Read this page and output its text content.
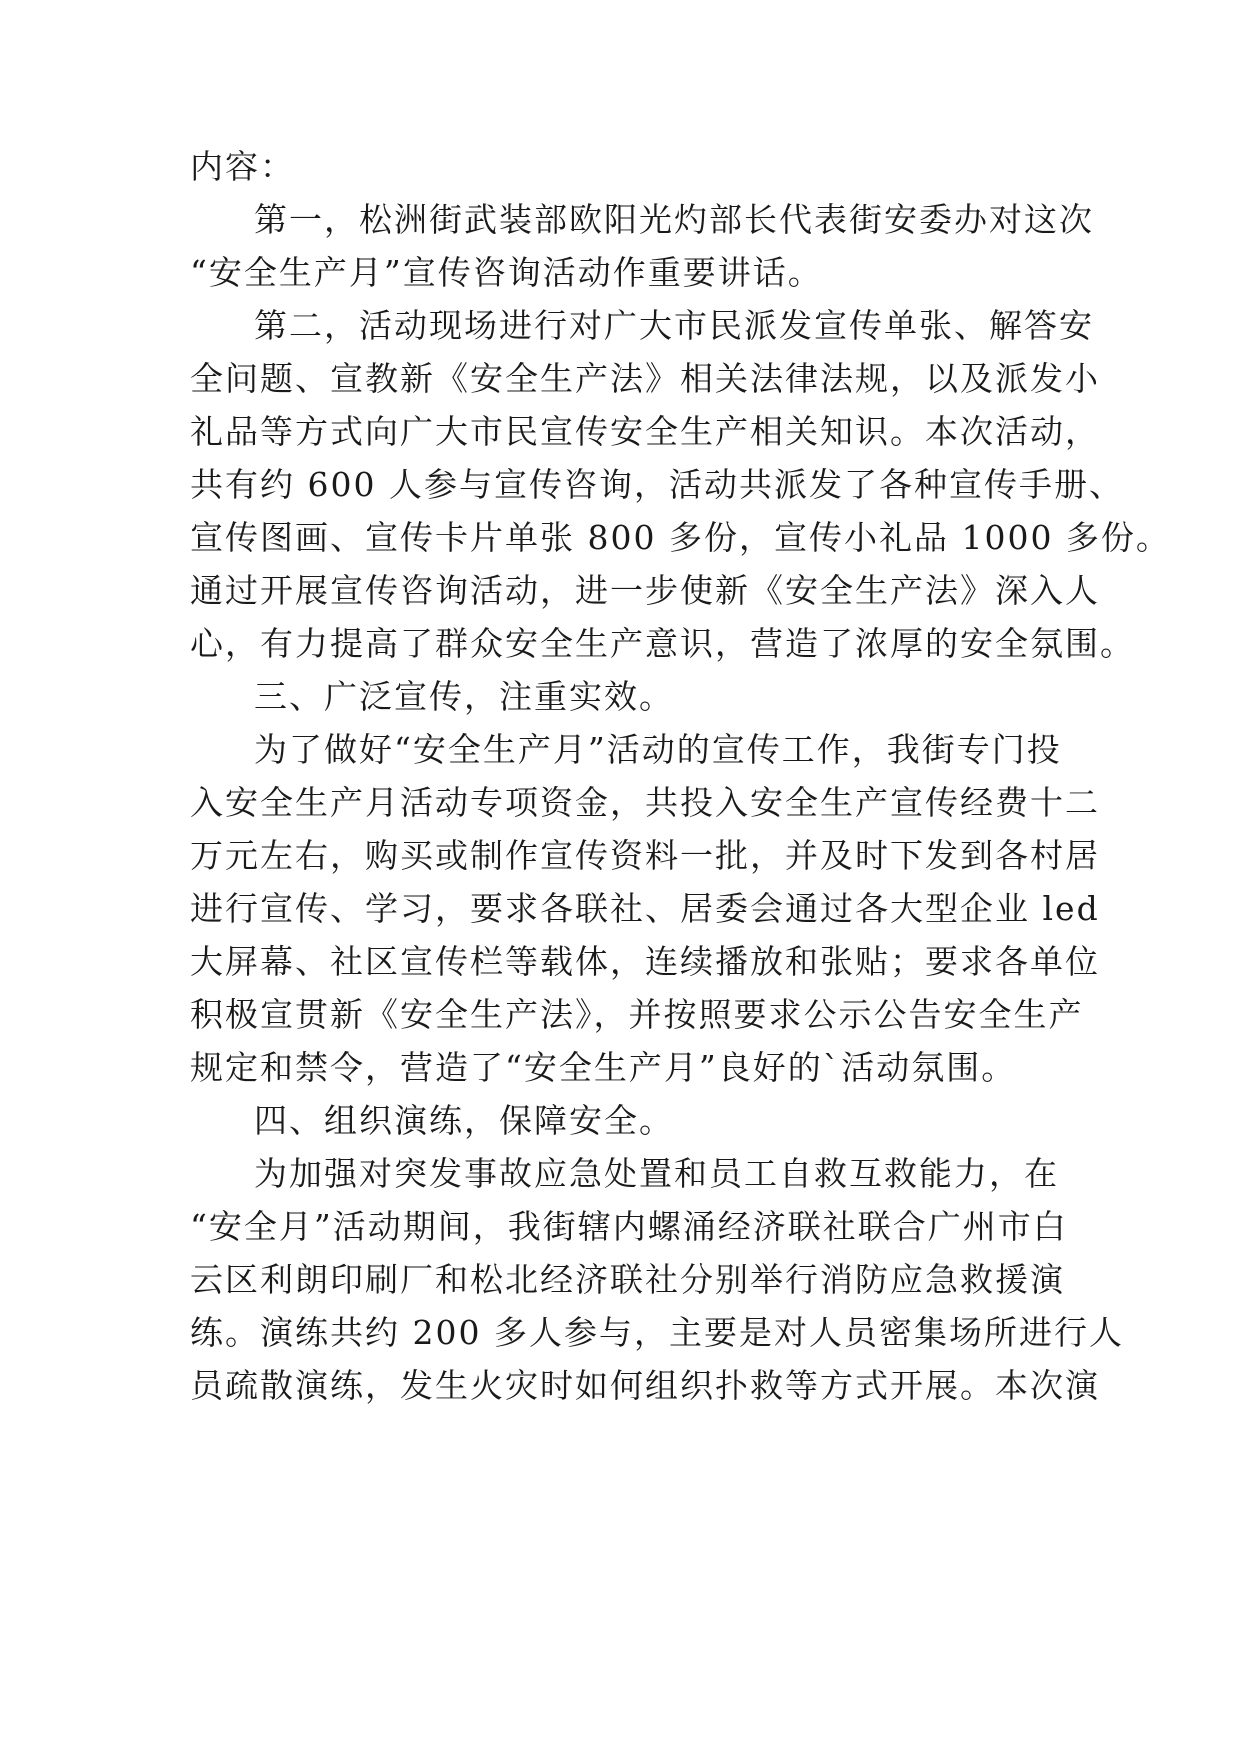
内容：
第一，松洲街武装部欧阳光灼部长代表街安委办对这次
“安全生产月”宣传咨询活动作重要讲话。
第二，活动现场进行对广大市民派发宣传单张、解答安
全问题、宣教新《安全生产法》相关法律法规，以及派发小
礼品等方式向广大市民宣传安全生产相关知识。本次活动，
共有约 600 人参与宣传咨询，活动共派发了各种宣传手册、
宣传图画、宣传卡片单张 800 多份，宣传小礼品 1000 多份。
通过开展宣传咨询活动，进一步使新《安全生产法》深入人
心，有力提高了群众安全生产意识，营造了浓厚的安全氛围。
三、广泛宣传，注重实效。
为了做好“安全生产月”活动的宣传工作，我街专门投
入安全生产月活动专项资金，共投入安全生产宣传经费十二
万元左右，购买或制作宣传资料一批，并及时下发到各村居
进行宣传、学习，要求各联社、居委会通过各大型企业 led
大屏幕、社区宣传栏等载体，连续播放和张贴；要求各单位
积极宣贯新《安全生产法》，并按照要求公示公告安全生产
规定和禁令，营造了“安全生产月”良好的`活动氛围。
四、组织演练，保障安全。
为加强对突发事故应急处置和员工自救互救能力，在
“安全月”活动期间，我街辖内螺涌经济联社联合广州市白
云区利朗印刷厂和松北经济联社分别举行消防应急救援演
练。演练共约 200 多人参与，主要是对人员密集场所进行人
员疏散演练，发生火灾时如何组织扑救等方式开展。本次演
